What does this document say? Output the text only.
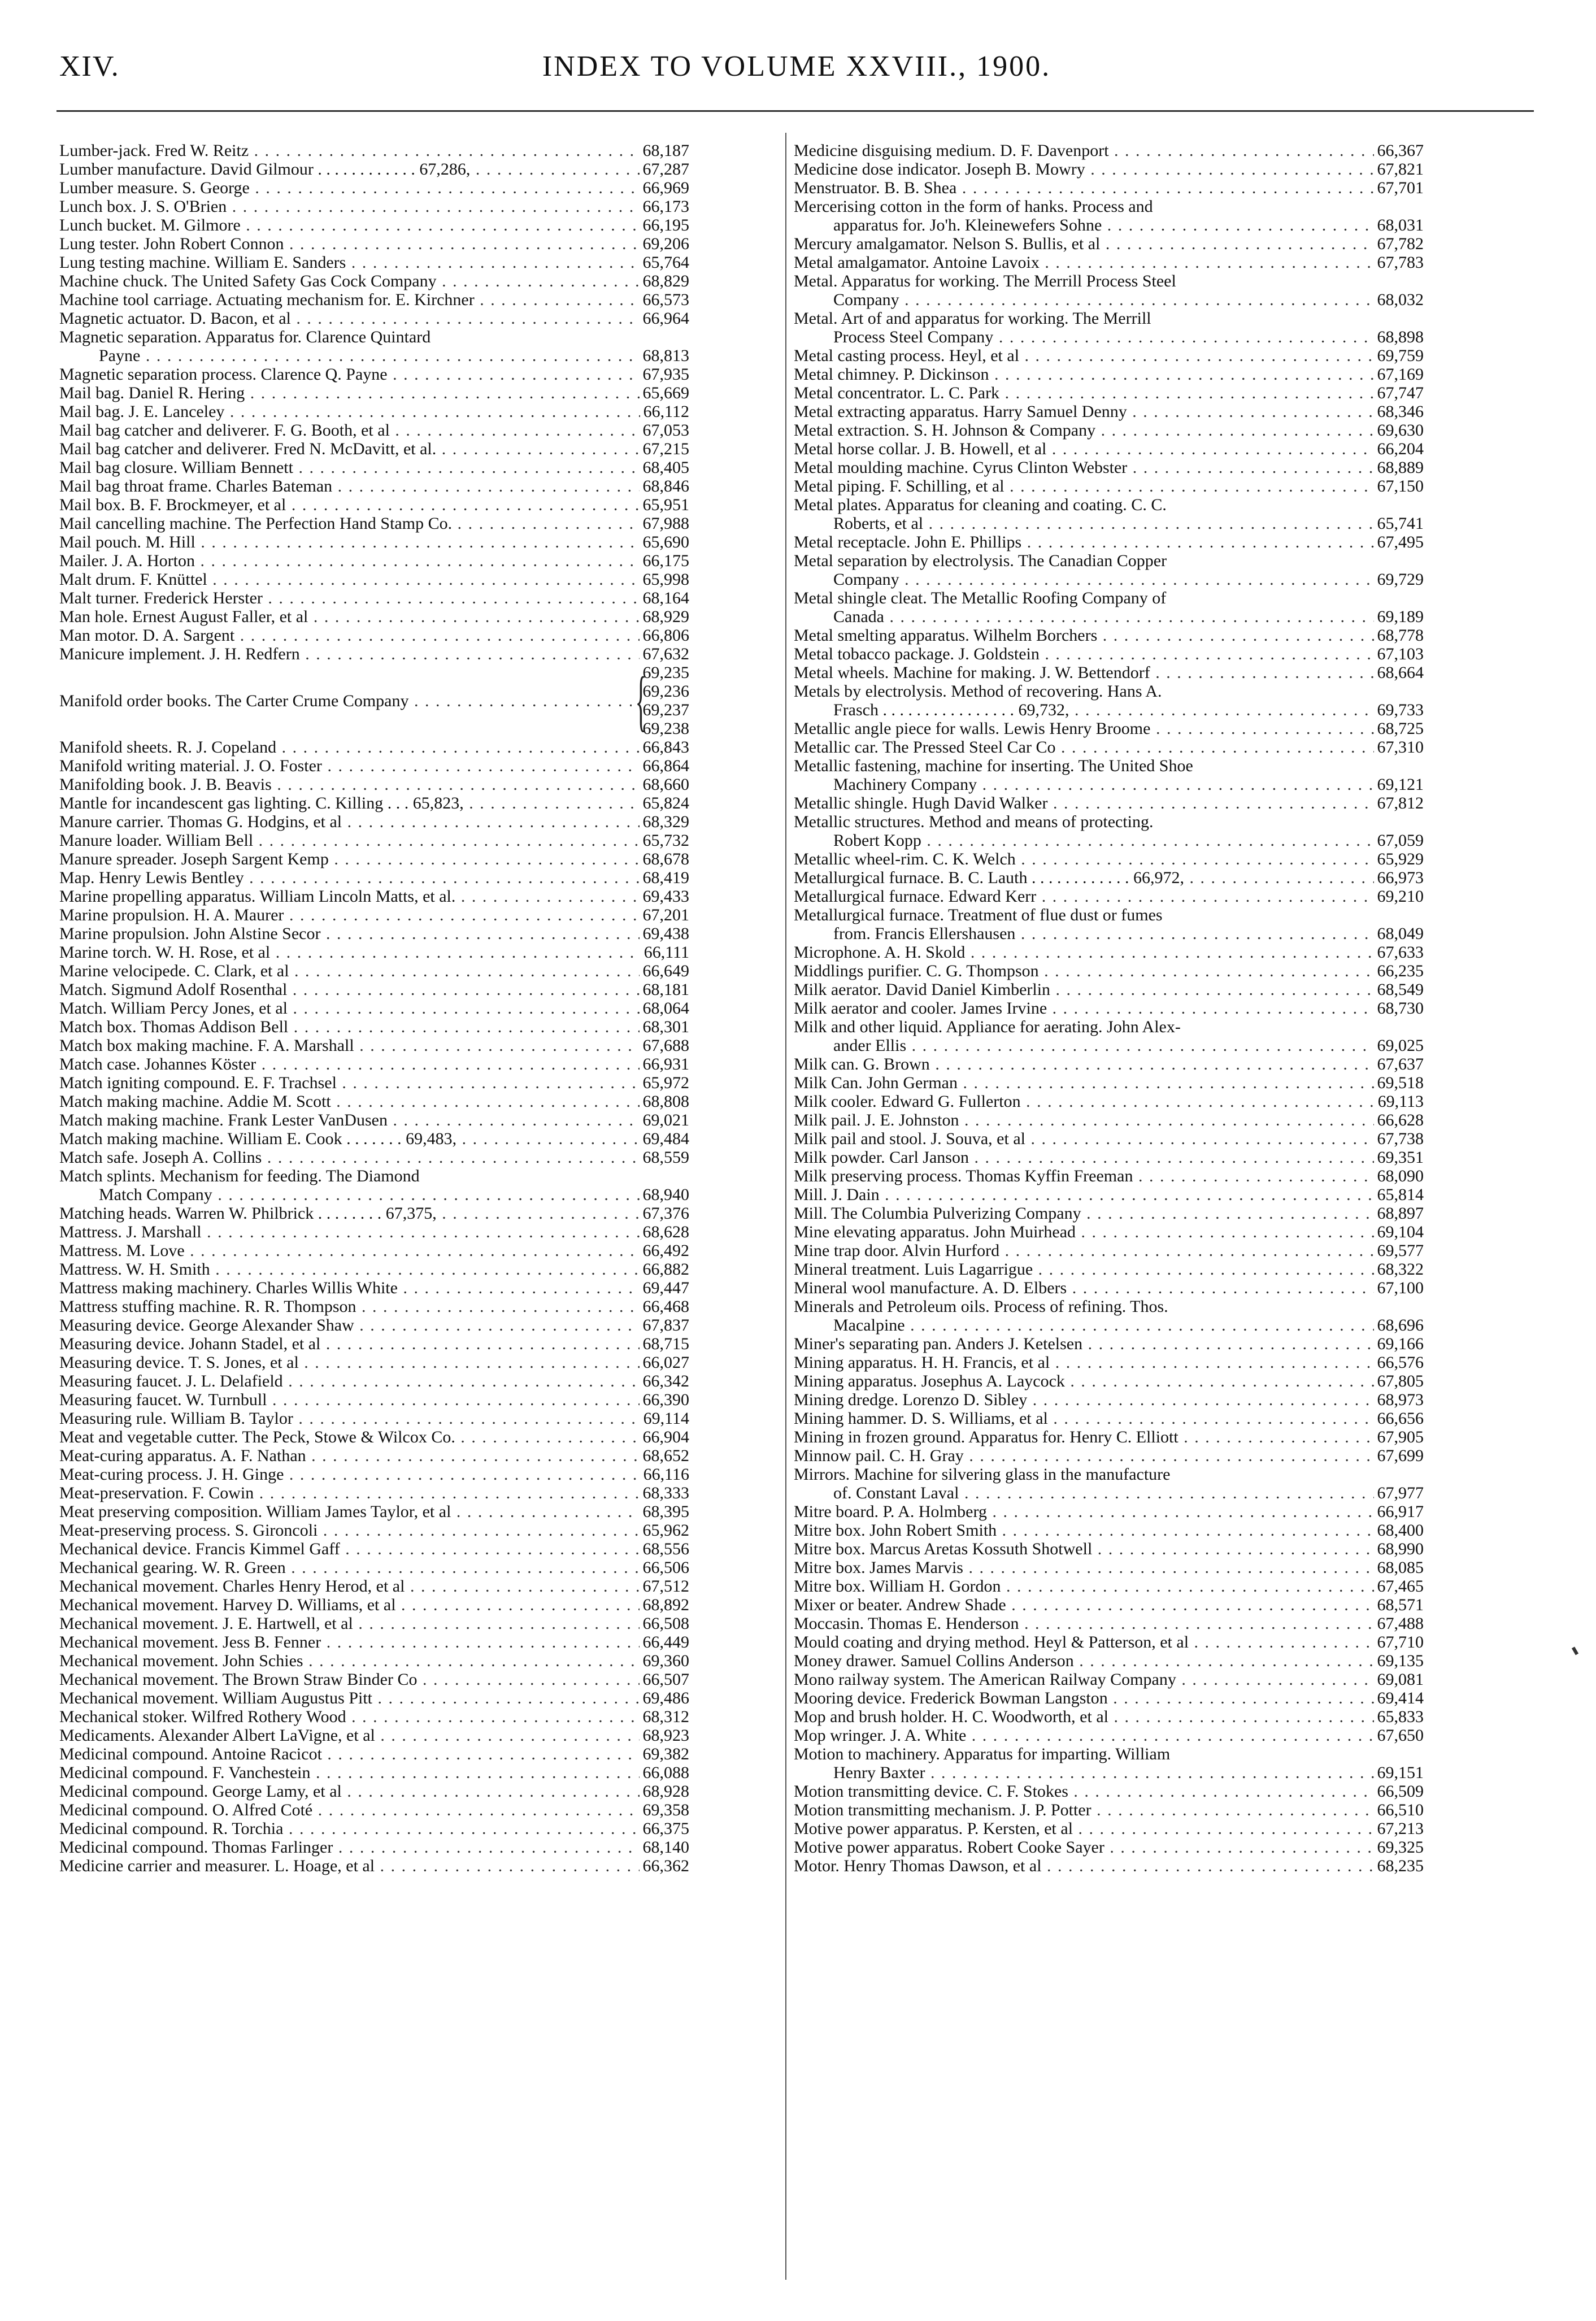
XIV.	INDEX TO VOLUME XXVIII., 1900.
Lumber-jack. Fred W. Reitz . . .	68,187
Lumber manufacture. David Gilmour . . . . . . . . . . . . 67,286, . . .	67,287
Lumber measure. S. George . . .	66,969
Lunch box. J. S. O'Brien . . .	66,173
Lunch bucket. M. Gilmore . . .	66,195
Lung tester. John Robert Connon . . .	69,206
Lung testing machine. William E. Sanders . . .	65,764
Machine chuck. The United Safety Gas Cock Company . . .	68,829
Machine tool carriage. Actuating mechanism for. E. Kirchner . . .	66,573
Magnetic actuator. D. Bacon, et al . . .	66,964
Magnetic separation. Apparatus for. Clarence Quintard
Payne . . .	68,813
Magnetic separation process. Clarence Q. Payne . . .	67,935
Mail bag. Daniel R. Hering . . .	65,669
Mail bag. J. E. Lanceley . . .	66,112
Mail bag catcher and deliverer. F. G. Booth, et al . . .	67,053
Mail bag catcher and deliverer. Fred N. McDavitt, et al. . . .	67,215
Mail bag closure. William Bennett . . .	68,405
Mail bag throat frame. Charles Bateman . . .	68,846
Mail box. B. F. Brockmeyer, et al . . .	65,951
Mail cancelling machine. The Perfection Hand Stamp Co. . . .	67,988
Mail pouch. M. Hill . . .	65,690
Mailer. J. A. Horton . . .	66,175
Malt drum. F. Knüttel . . .	65,998
Malt turner. Frederick Herster . . .	68,164
Man hole. Ernest August Faller, et al . . .	68,929
Man motor. D. A. Sargent . . .	66,806
Manicure implement. J. H. Redfern . . .	67,632
Manifold order books. The Carter Crume Company . . .	{
69,235
69,236
69,237
69,238
Manifold sheets. R. J. Copeland . . .	66,843
Manifold writing material. J. O. Foster . . .	66,864
Manifolding book. J. B. Beavis . . .	68,660
Mantle for incandescent gas lighting. C. Killing . . . 65,823, . . .	65,824
Manure carrier. Thomas G. Hodgins, et al . . .	68,329
Manure loader. William Bell . . .	65,732
Manure spreader. Joseph Sargent Kemp . . .	68,678
Map. Henry Lewis Bentley . . .	68,419
Marine propelling apparatus. William Lincoln Matts, et al. . . .	69,433
Marine propulsion. H. A. Maurer . . .	67,201
Marine propulsion. John Alstine Secor . . .	69,438
Marine torch. W. H. Rose, et al . . .	66,111
Marine velocipede. C. Clark, et al . . .	66,649
Match. Sigmund Adolf Rosenthal . . .	68,181
Match. William Percy Jones, et al . . .	68,064
Match box. Thomas Addison Bell . . .	68,301
Match box making machine. F. A. Marshall . . .	67,688
Match case. Johannes Köster . . .	66,931
Match igniting compound. E. F. Trachsel . . .	65,972
Match making machine. Addie M. Scott . . .	68,808
Match making machine. Frank Lester VanDusen . . .	69,021
Match making machine. William E. Cook . . . . . . . 69,483, . . .	69,484
Match safe. Joseph A. Collins . . .	68,559
Match splints. Mechanism for feeding. The Diamond
Match Company . . .	68,940
Matching heads. Warren W. Philbrick . . . . . . . . 67,375, . . .	67,376
Mattress. J. Marshall . . .	68,628
Mattress. M. Love . . .	66,492
Mattress. W. H. Smith . . .	66,882
Mattress making machinery. Charles Willis White . . .	69,447
Mattress stuffing machine. R. R. Thompson . . .	66,468
Measuring device. George Alexander Shaw . . .	67,837
Measuring device. Johann Stadel, et al . . .	68,715
Measuring device. T. S. Jones, et al . . .	66,027
Measuring faucet. J. L. Delafield . . .	66,342
Measuring faucet. W. Turnbull . . .	66,390
Measuring rule. William B. Taylor . . .	69,114
Meat and vegetable cutter. The Peck, Stowe & Wilcox Co. . . .	66,904
Meat-curing apparatus. A. F. Nathan . . .	68,652
Meat-curing process. J. H. Ginge . . .	66,116
Meat-preservation. F. Cowin . . .	68,333
Meat preserving composition. William James Taylor, et al . . .	68,395
Meat-preserving process. S. Gironcoli . . .	65,962
Mechanical device. Francis Kimmel Gaff . . .	68,556
Mechanical gearing. W. R. Green . . .	66,506
Mechanical movement. Charles Henry Herod, et al . . .	67,512
Mechanical movement. Harvey D. Williams, et al . . .	68,892
Mechanical movement. J. E. Hartwell, et al . . .	66,508
Mechanical movement. Jess B. Fenner . . .	66,449
Mechanical movement. John Schies . . .	69,360
Mechanical movement. The Brown Straw Binder Co . . .	66,507
Mechanical movement. William Augustus Pitt . . .	69,486
Mechanical stoker. Wilfred Rothery Wood . . .	68,312
Medicaments. Alexander Albert LaVigne, et al . . .	68,923
Medicinal compound. Antoine Racicot . . .	69,382
Medicinal compound. F. Vanchestein . . .	66,088
Medicinal compound. George Lamy, et al . . .	68,928
Medicinal compound. O. Alfred Coté . . .	69,358
Medicinal compound. R. Torchia . . .	66,375
Medicinal compound. Thomas Farlinger . . .	68,140
Medicine carrier and measurer. L. Hoage, et al . . .	66,362
Medicine disguising medium. D. F. Davenport . . .	66,367
Medicine dose indicator. Joseph B. Mowry . . .	67,821
Menstruator. B. B. Shea . . .	67,701
Mercerising cotton in the form of hanks. Process and
apparatus for. Jo'h. Kleinewefers Sohne . . .	68,031
Mercury amalgamator. Nelson S. Bullis, et al . . .	67,782
Metal amalgamator. Antoine Lavoix . . .	67,783
Metal. Apparatus for working. The Merrill Process Steel
Company . . .	68,032
Metal. Art of and apparatus for working. The Merrill
Process Steel Company . . .	68,898
Metal casting process. Heyl, et al . . .	69,759
Metal chimney. P. Dickinson . . .	67,169
Metal concentrator. L. C. Park . . .	67,747
Metal extracting apparatus. Harry Samuel Denny . . .	68,346
Metal extraction. S. H. Johnson & Company . . .	69,630
Metal horse collar. J. B. Howell, et al . . .	66,204
Metal moulding machine. Cyrus Clinton Webster . . .	68,889
Metal piping. F. Schilling, et al . . .	67,150
Metal plates. Apparatus for cleaning and coating. C. C.
Roberts, et al . . .	65,741
Metal receptacle. John E. Phillips . . .	67,495
Metal separation by electrolysis. The Canadian Copper
Company . . .	69,729
Metal shingle cleat. The Metallic Roofing Company of
Canada . . .	69,189
Metal smelting apparatus. Wilhelm Borchers . . .	68,778
Metal tobacco package. J. Goldstein . . .	67,103
Metal wheels. Machine for making. J. W. Bettendorf . . .	68,664
Metals by electrolysis. Method of recovering. Hans A.
Frasch . . . . . . . . . . . . . . . . 69,732, . . .	69,733
Metallic angle piece for walls. Lewis Henry Broome . . .	68,725
Metallic car. The Pressed Steel Car Co . . .	67,310
Metallic fastening, machine for inserting. The United Shoe
Machinery Company . . .	69,121
Metallic shingle. Hugh David Walker . . .	67,812
Metallic structures. Method and means of protecting.
Robert Kopp . . .	67,059
Metallic wheel-rim. C. K. Welch . . .	65,929
Metallurgical furnace. B. C. Lauth . . . . . . . . . . . . 66,972, . . .	66,973
Metallurgical furnace. Edward Kerr . . .	69,210
Metallurgical furnace. Treatment of flue dust or fumes
from. Francis Ellershausen . . .	68,049
Microphone. A. H. Skold . . .	67,633
Middlings purifier. C. G. Thompson . . .	66,235
Milk aerator. David Daniel Kimberlin . . .	68,549
Milk aerator and cooler. James Irvine . . .	68,730
Milk and other liquid. Appliance for aerating. John Alex-
ander Ellis . . .	69,025
Milk can. G. Brown . . .	67,637
Milk Can. John German . . .	69,518
Milk cooler. Edward G. Fullerton . . .	69,113
Milk pail. J. E. Johnston . . .	66,628
Milk pail and stool. J. Souva, et al . . .	67,738
Milk powder. Carl Janson . . .	69,351
Milk preserving process. Thomas Kyffin Freeman . . .	68,090
Mill. J. Dain . . .	65,814
Mill. The Columbia Pulverizing Company . . .	68,897
Mine elevating apparatus. John Muirhead . . .	69,104
Mine trap door. Alvin Hurford . . .	69,577
Mineral treatment. Luis Lagarrigue . . .	68,322
Mineral wool manufacture. A. D. Elbers . . .	67,100
Minerals and Petroleum oils. Process of refining. Thos.
Macalpine . . .	68,696
Miner's separating pan. Anders J. Ketelsen . . .	69,166
Mining apparatus. H. H. Francis, et al . . .	66,576
Mining apparatus. Josephus A. Laycock . . .	67,805
Mining dredge. Lorenzo D. Sibley . . .	68,973
Mining hammer. D. S. Williams, et al . . .	66,656
Mining in frozen ground. Apparatus for. Henry C. Elliott . . .	67,905
Minnow pail. C. H. Gray . . .	67,699
Mirrors. Machine for silvering glass in the manufacture
of. Constant Laval . . .	67,977
Mitre board. P. A. Holmberg . . .	66,917
Mitre box. John Robert Smith . . .	68,400
Mitre box. Marcus Aretas Kossuth Shotwell . . .	68,990
Mitre box. James Marvis . . .	68,085
Mitre box. William H. Gordon . . .	67,465
Mixer or beater. Andrew Shade . . .	68,571
Moccasin. Thomas E. Henderson . . .	67,488
Mould coating and drying method. Heyl & Patterson, et al . . .	67,710
Money drawer. Samuel Collins Anderson . . .	69,135
Mono railway system. The American Railway Company . . .	69,081
Mooring device. Frederick Bowman Langston . . .	69,414
Mop and brush holder. H. C. Woodworth, et al . . .	65,833
Mop wringer. J. A. White . . .	67,650
Motion to machinery. Apparatus for imparting. William
Henry Baxter . . .	69,151
Motion transmitting device. C. F. Stokes . . .	66,509
Motion transmitting mechanism. J. P. Potter . . .	66,510
Motive power apparatus. P. Kersten, et al . . .	67,213
Motive power apparatus. Robert Cooke Sayer . . .	69,325
Motor. Henry Thomas Dawson, et al . . .	68,235
